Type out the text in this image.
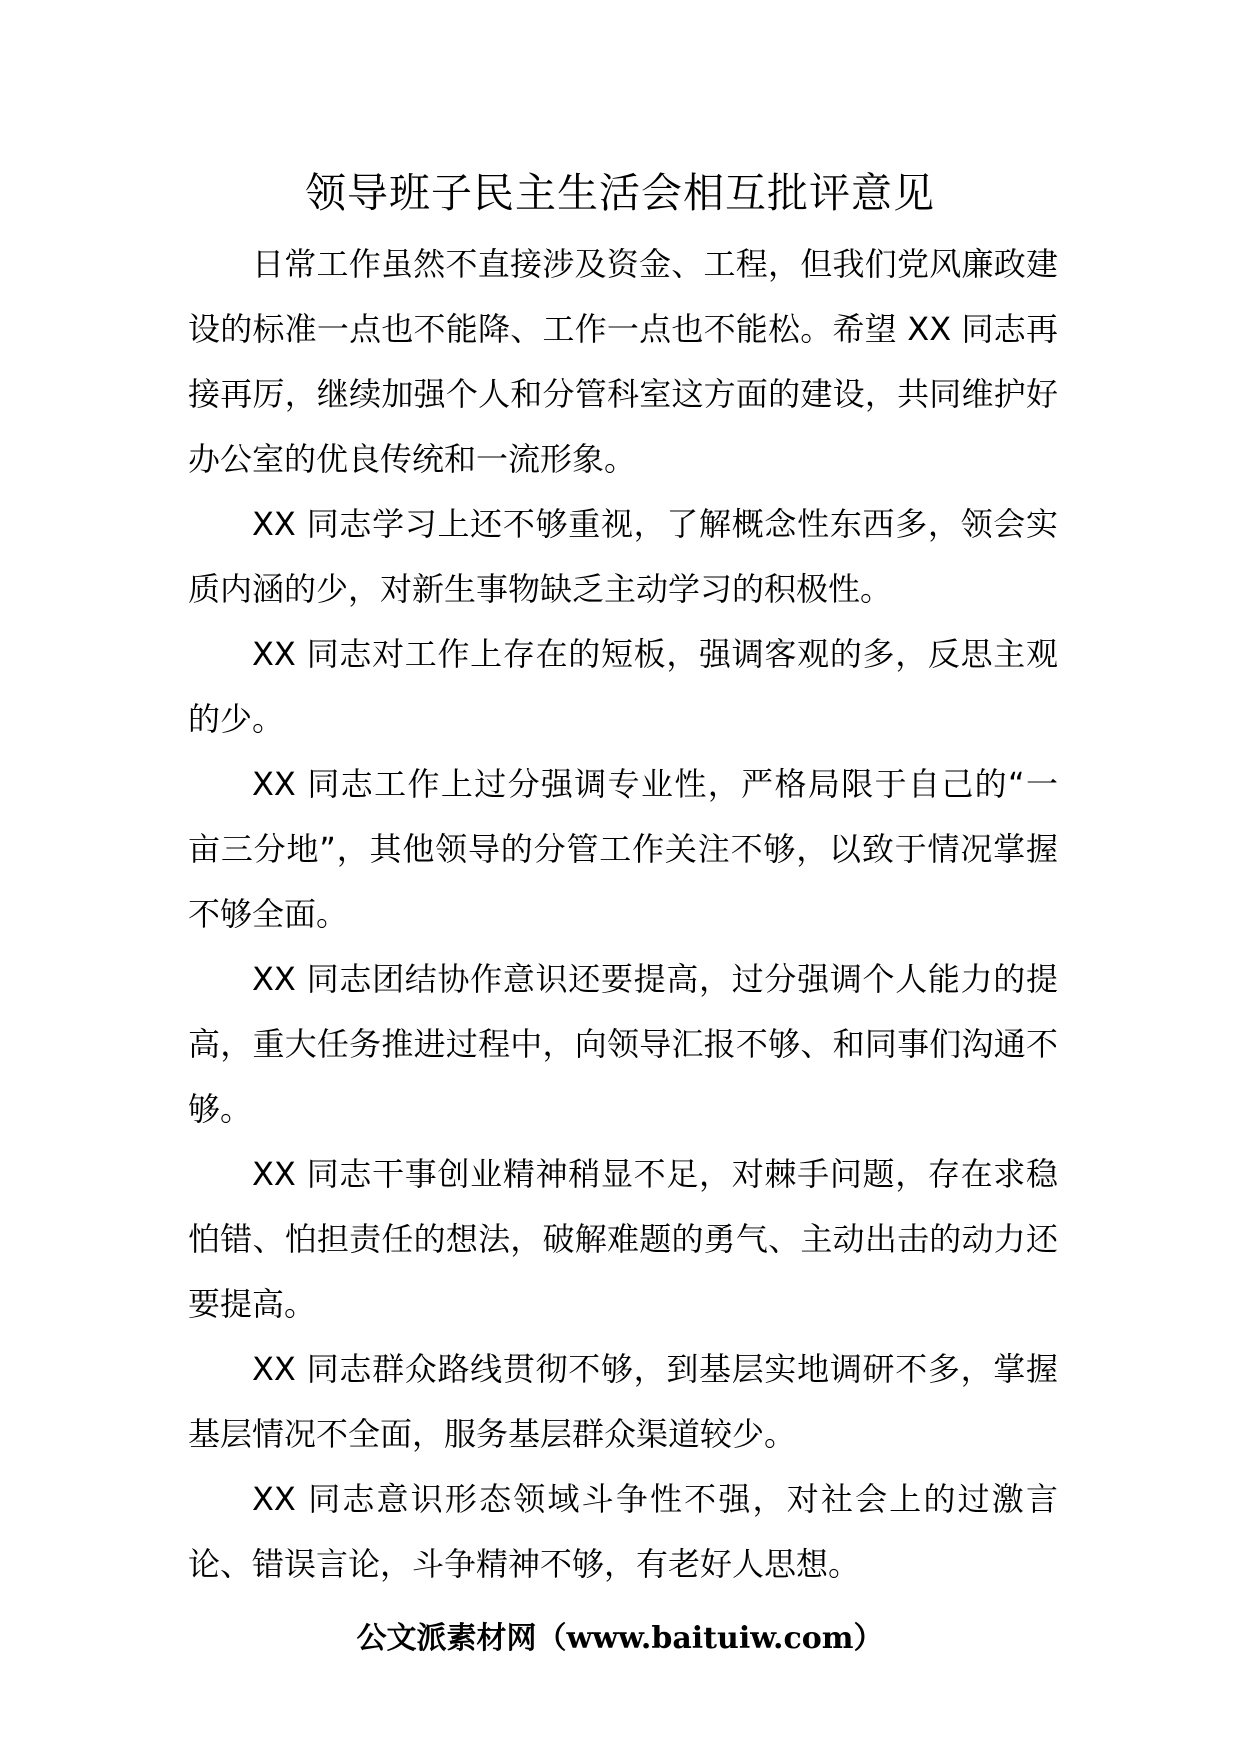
领导班子民主生活会相互批评意见

日常工作虽然不直接涉及资金、工程，但我们党风廉政建设的标准一点也不能降、工作一点也不能松。希望 XX 同志再接再厉，继续加强个人和分管科室这方面的建设，共同维护好办公室的优良传统和一流形象。

XX 同志学习上还不够重视，了解概念性东西多，领会实质内涵的少，对新生事物缺乏主动学习的积极性。

XX 同志对工作上存在的短板，强调客观的多，反思主观的少。

XX 同志工作上过分强调专业性，严格局限于自己的“一亩三分地”，其他领导的分管工作关注不够，以致于情况掌握不够全面。

XX 同志团结协作意识还要提高，过分强调个人能力的提高，重大任务推进过程中，向领导汇报不够、和同事们沟通不够。

XX 同志干事创业精神稍显不足，对棘手问题，存在求稳怕错、怕担责任的想法，破解难题的勇气、主动出击的动力还要提高。

XX 同志群众路线贯彻不够，到基层实地调研不多，掌握基层情况不全面，服务基层群众渠道较少。

XX 同志意识形态领域斗争性不强，对社会上的过激言论、错误言论，斗争精神不够，有老好人思想。

公文派素材网（www.baituiw.com）
